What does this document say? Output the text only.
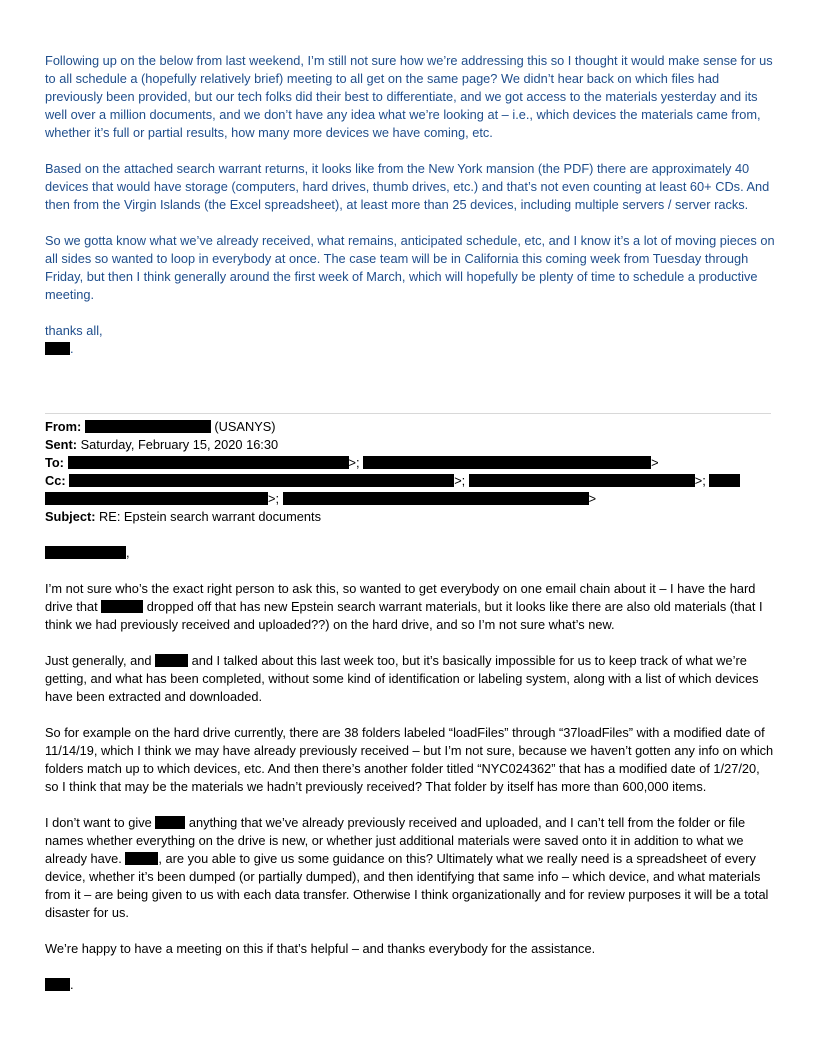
Following up on the below from last weekend, I’m still not sure how we’re addressing this so I thought it would make sense for us to all schedule a (hopefully relatively brief) meeting to all get on the same page? We didn’t hear back on which files had previously been provided, but our tech folks did their best to differentiate, and we got access to the materials yesterday and its well over a million documents, and we don’t have any idea what we’re looking at – i.e., which devices the materials came from, whether it’s full or partial results, how many more devices we have coming, etc.

Based on the attached search warrant returns, it looks like from the New York mansion (the PDF) there are approximately 40 devices that would have storage (computers, hard drives, thumb drives, etc.) and that’s not even counting at least 60+ CDs. And then from the Virgin Islands (the Excel spreadsheet), at least more than 25 devices, including multiple servers / server racks.

So we gotta know what we’ve already received, what remains, anticipated schedule, etc, and I know it’s a lot of moving pieces on all sides so wanted to loop in everybody at once. The case team will be in California this coming week from Tuesday through Friday, but then I think generally around the first week of March, which will hopefully be plenty of time to schedule a productive meeting.

thanks all,

.
From:	(USANYS)
Sent: Saturday, February 15, 2020 16:30
To:	>;	>
Cc:	>;	>;
>;	>
Subject: RE: Epstein search warrant documents
,

I’m not sure who’s the exact right person to ask this, so wanted to get everybody on one email chain about it – I have the hard drive that	dropped off that has new Epstein search warrant materials, but it looks like there are also old materials (that I think we had previously received and uploaded??) on the hard drive, and so I’m not sure what’s new.

Just generally, and	and I talked about this last week too, but it’s basically impossible for us to keep track of what we’re getting, and what has been completed, without some kind of identification or labeling system, along with a list of which devices have been extracted and downloaded.

So for example on the hard drive currently, there are 38 folders labeled “loadFiles” through “37loadFiles” with a modified date of 11/14/19, which I think we may have already previously received – but I’m not sure, because we haven’t gotten any info on which folders match up to which devices, etc. And then there’s another folder titled “NYC024362” that has a modified date of 1/27/20, so I think that may be the materials we hadn’t previously received? That folder by itself has more than 600,000 items.

I don’t want to give	anything that we’ve already previously received and uploaded, and I can’t tell from the folder or file names whether everything on the drive is new, or whether just additional materials were saved onto it in addition to what we already have.	, are you able to give us some guidance on this? Ultimately what we really need is a spreadsheet of every device, whether it’s been dumped (or partially dumped), and then identifying that same info – which device, and what materials from it – are being given to us with each data transfer. Otherwise I think organizationally and for review purposes it will be a total disaster for us.

We’re happy to have a meeting on this if that’s helpful – and thanks everybody for the assistance.

.
